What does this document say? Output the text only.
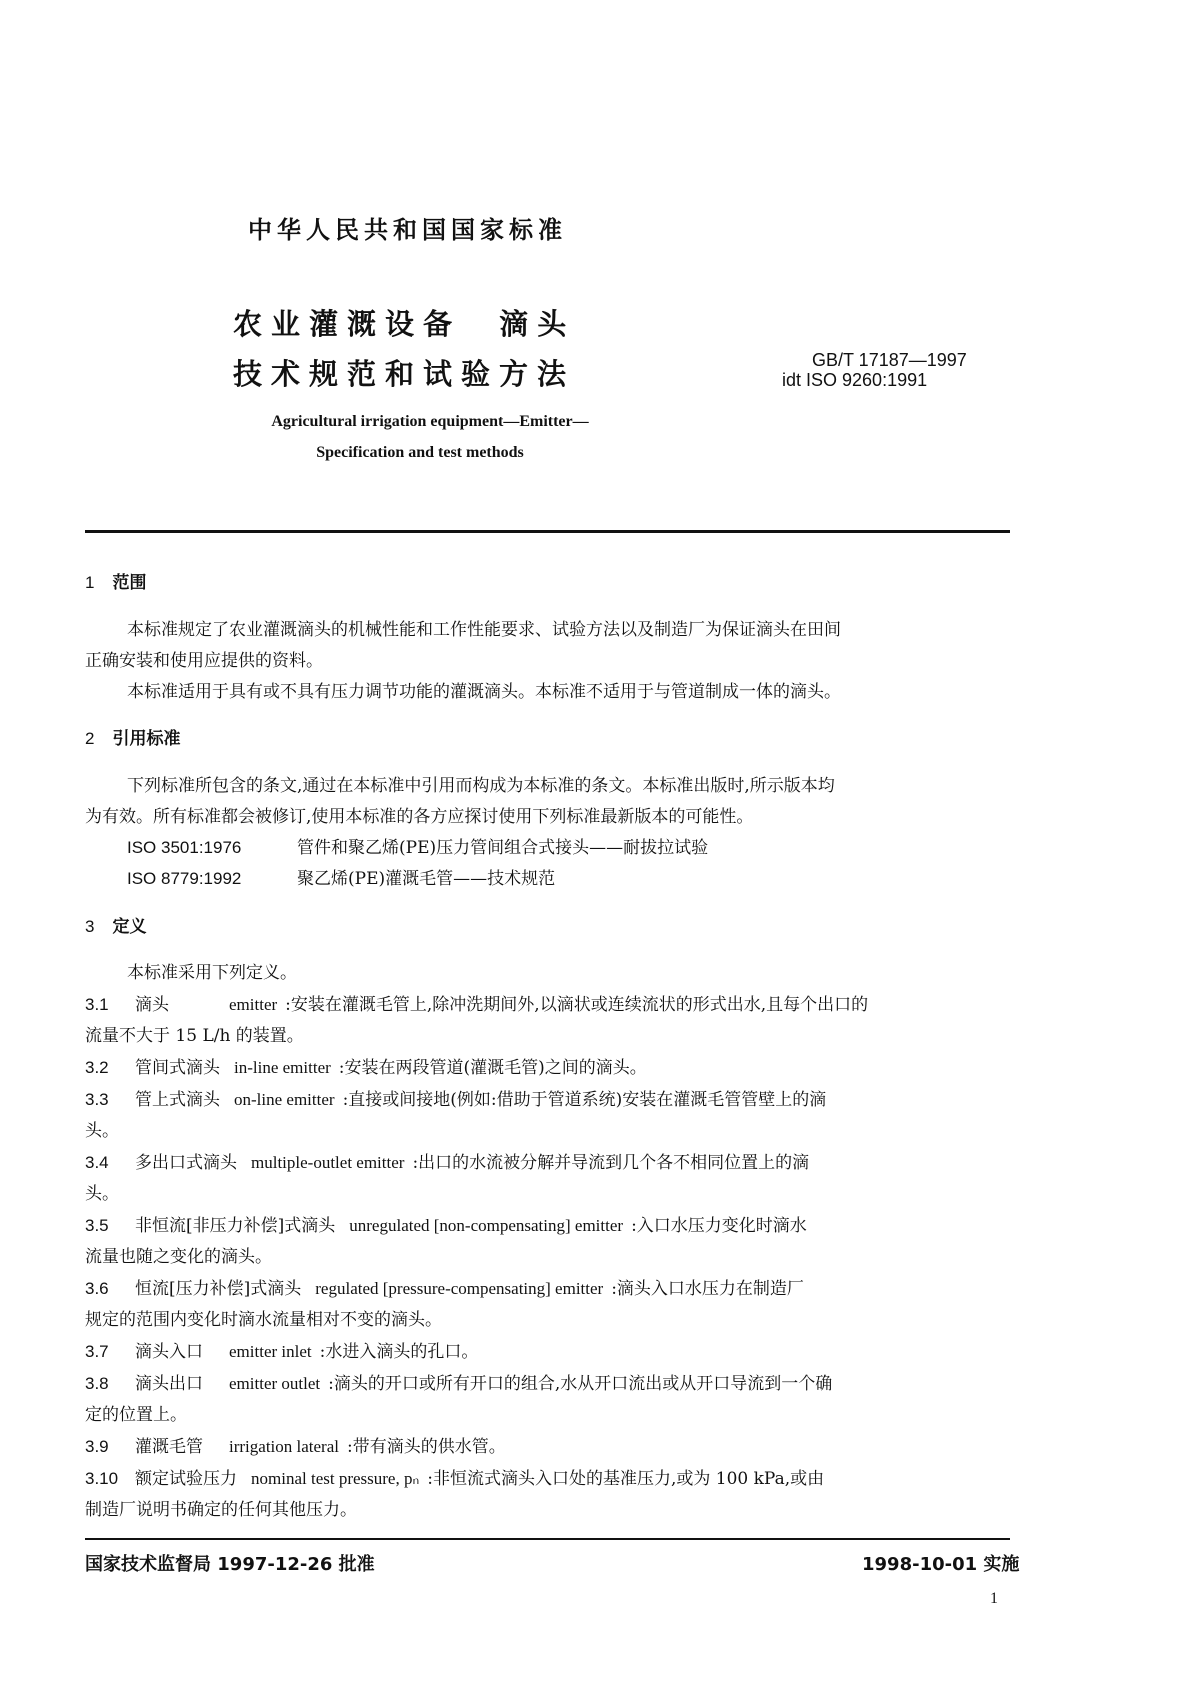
中华人民共和国国家标准
农业灌溉设备  滴头
技术规范和试验方法	GB/T 17187—1997
idt ISO 9260:1991
Agricultural irrigation equipment—Emitter—
Specification and test methods
1 范围
本标准规定了农业灌溉滴头的机械性能和工作性能要求、试验方法以及制造厂为保证滴头在田间
正确安装和使用应提供的资料。
本标准适用于具有或不具有压力调节功能的灌溉滴头。本标准不适用于与管道制成一体的滴头。
2 引用标准
下列标准所包含的条文,通过在本标准中引用而构成为本标准的条文。本标准出版时,所示版本均
为有效。所有标准都会被修订,使用本标准的各方应探讨使用下列标准最新版本的可能性。
ISO 3501:1976	管件和聚乙烯(PE)压力管间组合式接头——耐拔拉试验
ISO 8779:1992	聚乙烯(PE)灌溉毛管——技术规范
3 定义
本标准采用下列定义。
3.1 滴头	emitter :安装在灌溉毛管上,除冲洗期间外,以滴状或连续流状的形式出水,且每个出口的
流量不大于 15 L/h 的装置。
3.2 管间式滴头 in-line emitter :安装在两段管道(灌溉毛管)之间的滴头。
3.3 管上式滴头 on-line emitter :直接或间接地(例如:借助于管道系统)安装在灌溉毛管管壁上的滴
头。
3.4 多出口式滴头 multiple-outlet emitter :出口的水流被分解并导流到几个各不相同位置上的滴
头。
3.5 非恒流[非压力补偿]式滴头 unregulated [non-compensating] emitter :入口水压力变化时滴水
流量也随之变化的滴头。
3.6 恒流[压力补偿]式滴头 regulated [pressure-compensating] emitter :滴头入口水压力在制造厂
规定的范围内变化时滴水流量相对不变的滴头。
3.7 滴头入口 emitter inlet :水进入滴头的孔口。
3.8 滴头出口 emitter outlet :滴头的开口或所有开口的组合,水从开口流出或从开口导流到一个确
定的位置上。
3.9 灌溉毛管 irrigation lateral :带有滴头的供水管。
3.10 额定试验压力 nominal test pressure, pₙ :非恒流式滴头入口处的基准压力,或为 100 kPa,或由
制造厂说明书确定的任何其他压力。
国家技术监督局 1997-12-26 批准	1998-10-01 实施
1
